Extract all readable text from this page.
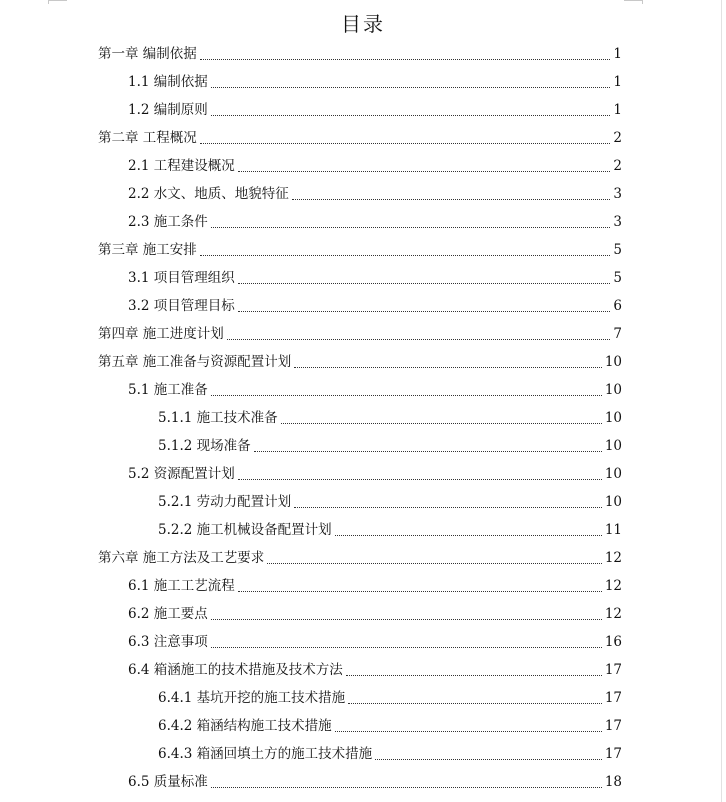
目录
第一章 编制依据	1
1.1 编制依据	1
1.2 编制原则	1
第二章 工程概况	2
2.1 工程建设概况	2
2.2 水文、地质、地貌特征	3
2.3 施工条件	3
第三章 施工安排	5
3.1 项目管理组织	5
3.2 项目管理目标	6
第四章 施工进度计划	7
第五章 施工准备与资源配置计划	10
5.1 施工准备	10
5.1.1 施工技术准备	10
5.1.2 现场准备	10
5.2 资源配置计划	10
5.2.1 劳动力配置计划	10
5.2.2 施工机械设备配置计划	11
第六章 施工方法及工艺要求	12
6.1 施工工艺流程	12
6.2 施工要点	12
6.3 注意事项	16
6.4 箱涵施工的技术措施及技术方法	17
6.4.1 基坑开挖的施工技术措施	17
6.4.2 箱涵结构施工技术措施	17
6.4.3 箱涵回填土方的施工技术措施	17
6.5 质量标准	18
